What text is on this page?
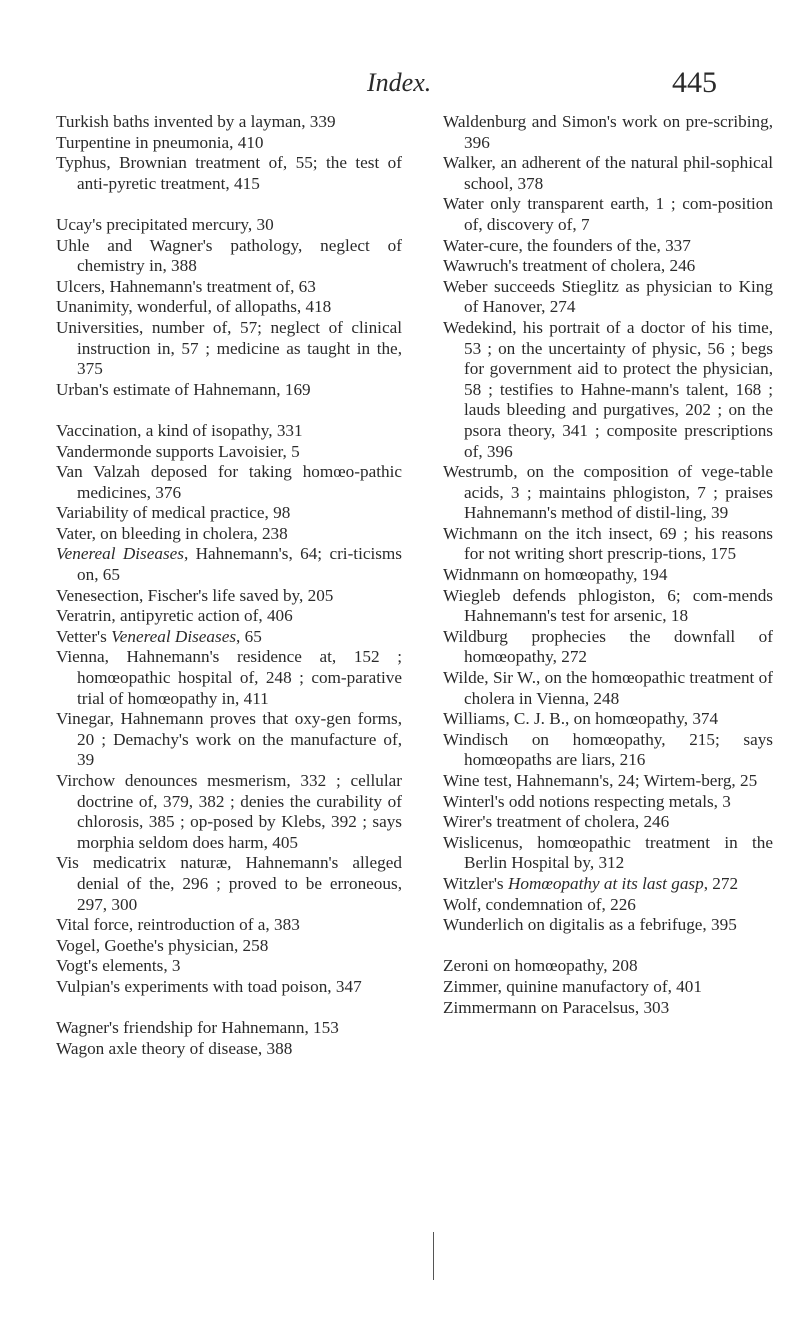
Index.	445
Turkish baths invented by a layman, 339
Turpentine in pneumonia, 410
Typhus, Brownian treatment of, 55; the test of anti-pyretic treatment, 415
Ucay's precipitated mercury, 30
Uhle and Wagner's pathology, neglect of chemistry in, 388
Ulcers, Hahnemann's treatment of, 63
Unanimity, wonderful, of allopaths, 418
Universities, number of, 57; neglect of clinical instruction in, 57 ; medicine as taught in the, 375
Urban's estimate of Hahnemann, 169
Vaccination, a kind of isopathy, 331
Vandermonde supports Lavoisier, 5
Van Valzah deposed for taking homœo-pathic medicines, 376
Variability of medical practice, 98
Vater, on bleeding in cholera, 238
Venereal Diseases, Hahnemann's, 64; cri-ticisms on, 65
Venesection, Fischer's life saved by, 205
Veratrin, antipyretic action of, 406
Vetter's Venereal Diseases, 65
Vienna, Hahnemann's residence at, 152 ; homœopathic hospital of, 248 ; com-parative trial of homœopathy in, 411
Vinegar, Hahnemann proves that oxy-gen forms, 20 ; Demachy's work on the manufacture of, 39
Virchow denounces mesmerism, 332 ; cellular doctrine of, 379, 382 ; denies the curability of chlorosis, 385 ; op-posed by Klebs, 392 ; says morphia seldom does harm, 405
Vis medicatrix naturæ, Hahnemann's alleged denial of the, 296 ; proved to be erroneous, 297, 300
Vital force, reintroduction of a, 383
Vogel, Goethe's physician, 258
Vogt's elements, 3
Vulpian's experiments with toad poison, 347
Wagner's friendship for Hahnemann, 153
Wagon axle theory of disease, 388
Waldenburg and Simon's work on pre-scribing, 396
Walker, an adherent of the natural phil-sophical school, 378
Water only transparent earth, 1 ; com-position of, discovery of, 7
Water-cure, the founders of the, 337
Wawruch's treatment of cholera, 246
Weber succeeds Stieglitz as physician to King of Hanover, 274
Wedekind, his portrait of a doctor of his time, 53 ; on the uncertainty of physic, 56 ; begs for government aid to protect the physician, 58 ; testifies to Hahne-mann's talent, 168 ; lauds bleeding and purgatives, 202 ; on the psora theory, 341 ; composite prescriptions of, 396
Westrumb, on the composition of vege-table acids, 3 ; maintains phlogiston, 7 ; praises Hahnemann's method of distil-ling, 39
Wichmann on the itch insect, 69 ; his reasons for not writing short prescrip-tions, 175
Widnmann on homœopathy, 194
Wiegleb defends phlogiston, 6; com-mends Hahnemann's test for arsenic, 18
Wildburg prophecies the downfall of homœopathy, 272
Wilde, Sir W., on the homœopathic treatment of cholera in Vienna, 248
Williams, C. J. B., on homœopathy, 374
Windisch on homœopathy, 215; says homœopaths are liars, 216
Wine test, Hahnemann's, 24; Wirtem-berg, 25
Winterl's odd notions respecting metals, 3
Wirer's treatment of cholera, 246
Wislicenus, homœopathic treatment in the Berlin Hospital by, 312
Witzler's Homœopathy at its last gasp, 272
Wolf, condemnation of, 226
Wunderlich on digitalis as a febrifuge, 395
Zeroni on homœopathy, 208
Zimmer, quinine manufactory of, 401
Zimmermann on Paracelsus, 303
